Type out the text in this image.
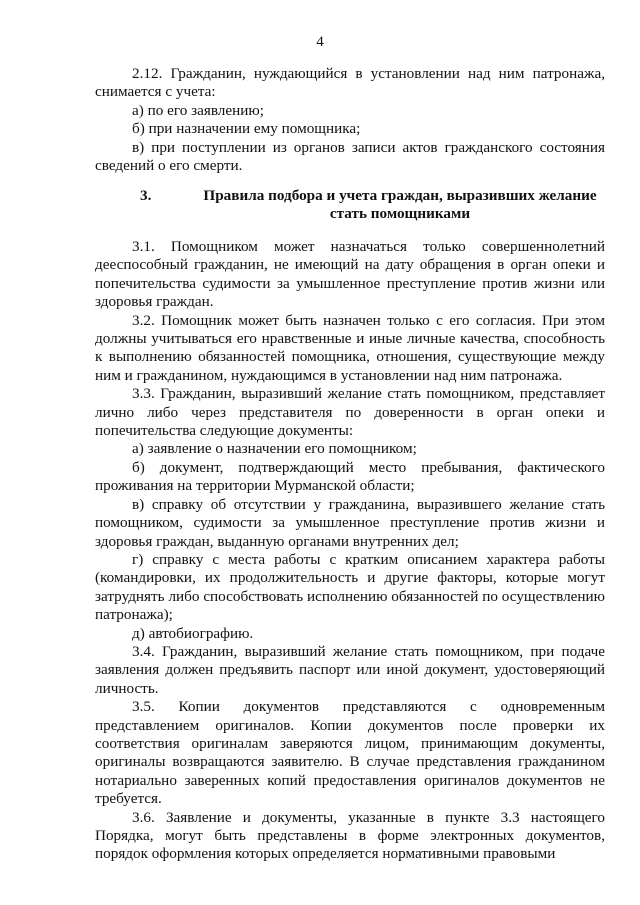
4

2.12. Гражданин, нуждающийся в установлении над ним патронажа, снимается с учета:

а) по его заявлению;

б) при назначении ему помощника;

в) при поступлении из органов записи актов гражданского состояния сведений о его смерти.

3.	Правила подбора и учета граждан, выразивших желание стать помощниками

3.1. Помощником может назначаться только совершеннолетний дееспособный гражданин, не имеющий на дату обращения в орган опеки и попечительства судимости за умышленное преступление против жизни или здоровья граждан.

3.2. Помощник может быть назначен только с его согласия. При этом должны учитываться его нравственные и иные личные качества, способность к выполнению обязанностей помощника, отношения, существующие между ним и гражданином, нуждающимся в установлении над ним патронажа.

3.3. Гражданин, выразивший желание стать помощником, представляет лично либо через представителя по доверенности в орган опеки и попечительства следующие документы:

а) заявление о назначении его помощником;

б) документ, подтверждающий место пребывания, фактического проживания на территории Мурманской области;

в) справку об отсутствии у гражданина, выразившего желание стать помощником, судимости за умышленное преступление против жизни и здоровья граждан, выданную органами внутренних дел;

г) справку с места работы с кратким описанием характера работы (командировки, их продолжительность и другие факторы, которые могут затруднять либо способствовать исполнению обязанностей по осуществлению патронажа);

д) автобиографию.

3.4. Гражданин, выразивший желание стать помощником, при подаче заявления должен предъявить паспорт или иной документ, удостоверяющий личность.

3.5. Копии документов представляются с одновременным представлением оригиналов. Копии документов после проверки их соответствия оригиналам заверяются лицом, принимающим документы, оригиналы возвращаются заявителю. В случае представления гражданином нотариально заверенных копий предоставления оригиналов документов не требуется.

3.6. Заявление и документы, указанные в пункте 3.3 настоящего Порядка, могут быть представлены в форме электронных документов, порядок оформления которых определяется нормативными правовыми
